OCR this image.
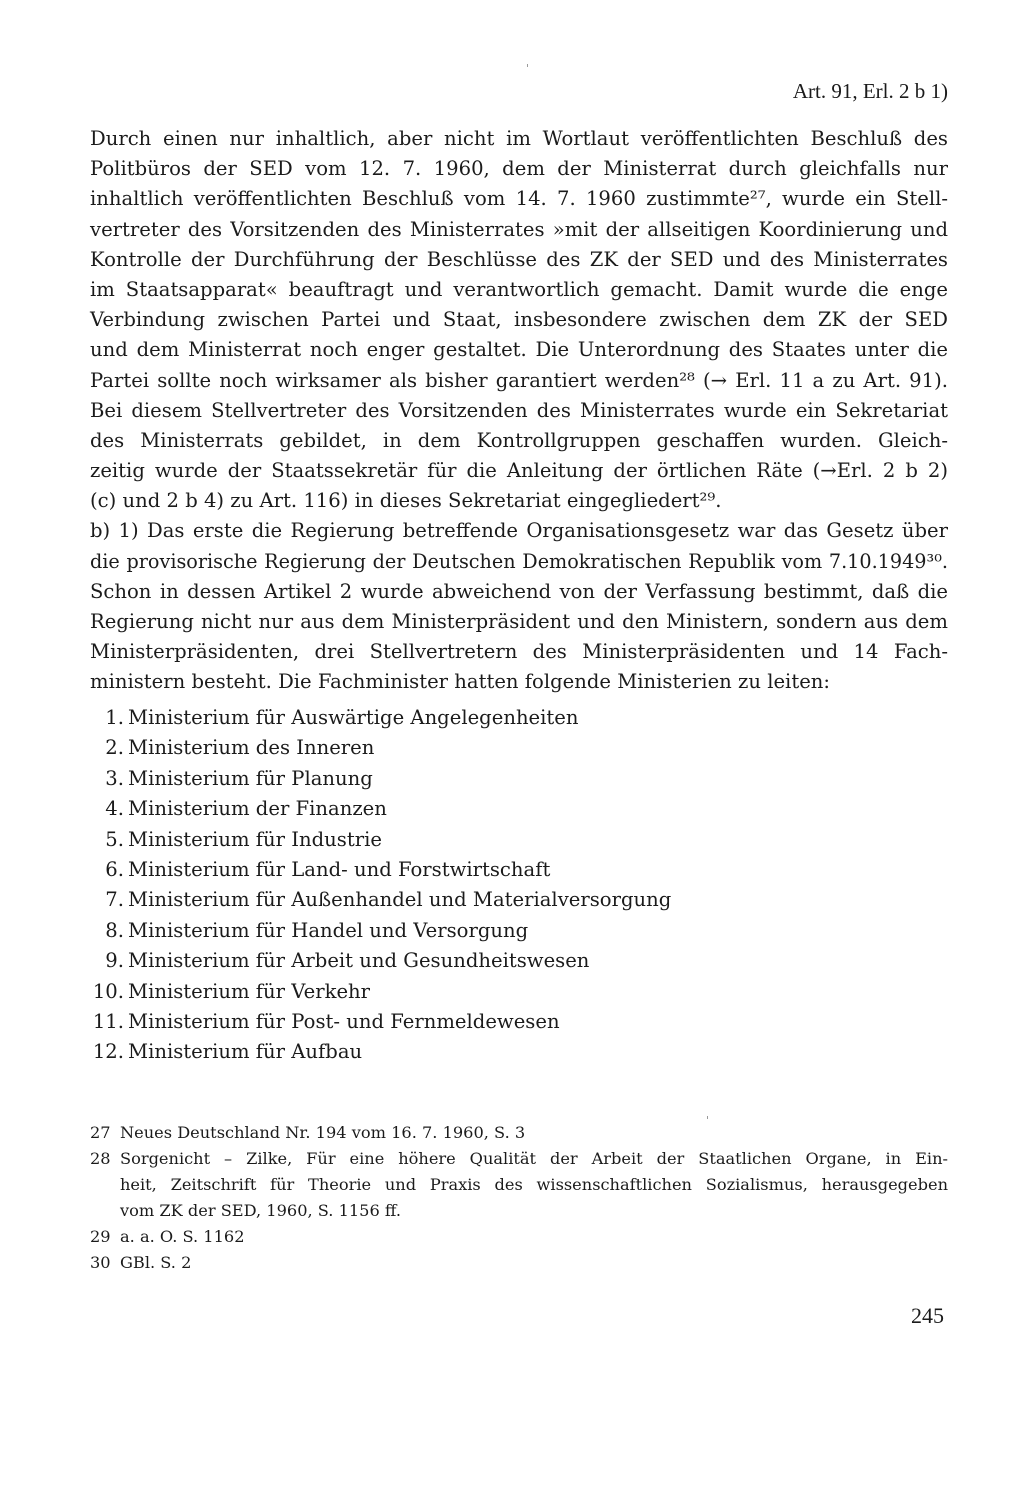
Art. 91, Erl. 2 b 1)
Durch einen nur inhaltlich, aber nicht im Wortlaut veröffentlichten Beschluß des
Politbüros der SED vom 12. 7. 1960, dem der Ministerrat durch gleichfalls nur
inhaltlich veröffentlichten Beschluß vom 14. 7. 1960 zustimmte²⁷, wurde ein Stell-
vertreter des Vorsitzenden des Ministerrates »mit der allseitigen Koordinierung und
Kontrolle der Durchführung der Beschlüsse des ZK der SED und des Ministerrates
im Staatsapparat« beauftragt und verantwortlich gemacht. Damit wurde die enge
Verbindung zwischen Partei und Staat, insbesondere zwischen dem ZK der SED
und dem Ministerrat noch enger gestaltet. Die Unterordnung des Staates unter die
Partei sollte noch wirksamer als bisher garantiert werden²⁸ (→ Erl. 11 a zu Art. 91).
Bei diesem Stellvertreter des Vorsitzenden des Ministerrates wurde ein Sekretariat
des Ministerrats gebildet, in dem Kontrollgruppen geschaffen wurden. Gleich-
zeitig wurde der Staatssekretär für die Anleitung der örtlichen Räte (→Erl. 2 b 2)
(c) und 2 b 4) zu Art. 116) in dieses Sekretariat eingegliedert²⁹.
b) 1) Das erste die Regierung betreffende Organisationsgesetz war das Gesetz über
die provisorische Regierung der Deutschen Demokratischen Republik vom 7.10.1949³⁰.
Schon in dessen Artikel 2 wurde abweichend von der Verfassung bestimmt, daß die
Regierung nicht nur aus dem Ministerpräsident und den Ministern, sondern aus dem
Ministerpräsidenten, drei Stellvertretern des Ministerpräsidenten und 14 Fach-
ministern besteht. Die Fachminister hatten folgende Ministerien zu leiten:
1. Ministerium für Auswärtige Angelegenheiten
2. Ministerium des Inneren
3. Ministerium für Planung
4. Ministerium der Finanzen
5. Ministerium für Industrie
6. Ministerium für Land- und Forstwirtschaft
7. Ministerium für Außenhandel und Materialversorgung
8. Ministerium für Handel und Versorgung
9. Ministerium für Arbeit und Gesundheitswesen
10. Ministerium für Verkehr
11. Ministerium für Post- und Fernmeldewesen
12. Ministerium für Aufbau
27 Neues Deutschland Nr. 194 vom 16. 7. 1960, S. 3
28 Sorgenicht – Zilke, Für eine höhere Qualität der Arbeit der Staatlichen Organe, in Ein-
heit, Zeitschrift für Theorie und Praxis des wissenschaftlichen Sozialismus, herausgegeben
vom ZK der SED, 1960, S. 1156 ff.
29 a. a. O. S. 1162
30 GBl. S. 2
245
